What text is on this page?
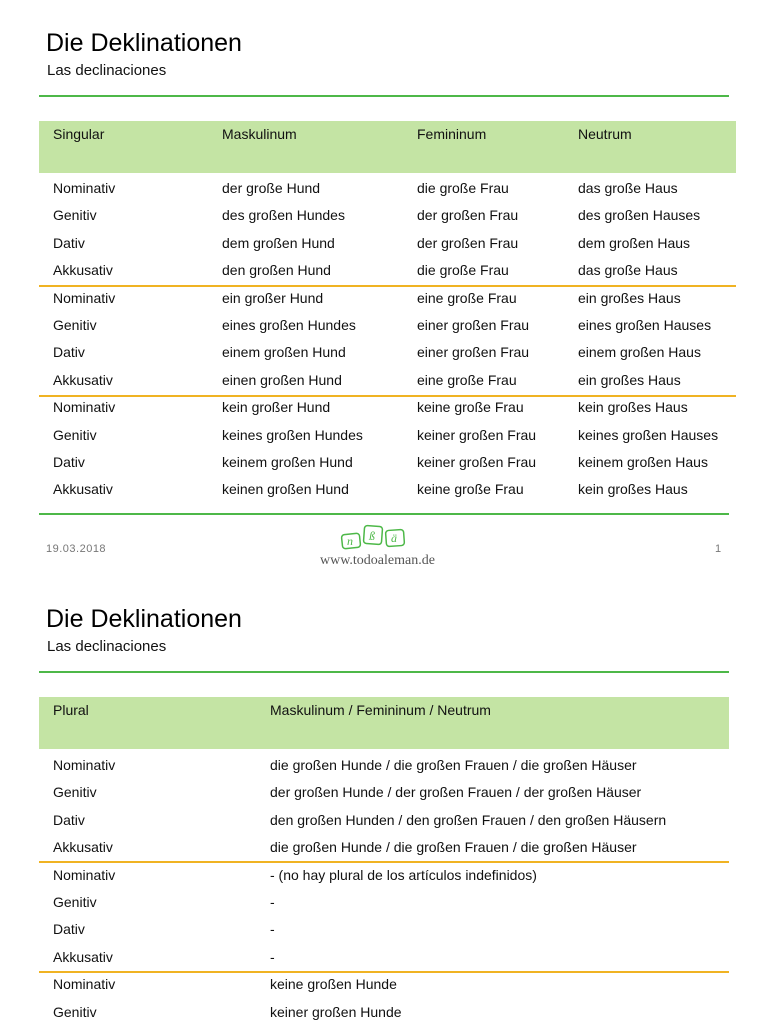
Die Deklinationen
Las declinaciones
Singular	Maskulinum	Femininum	Neutrum
Nominativ	der große Hund	die große Frau	das große Haus
Genitiv	des großen Hundes	der großen Frau	des großen Hauses
Dativ	dem großen Hund	der großen Frau	dem großen Haus
Akkusativ	den großen Hund	die große Frau	das große Haus
Nominativ	ein großer Hund	eine große Frau	ein großes Haus
Genitiv	eines großen Hundes	einer großen Frau	eines großen Hauses
Dativ	einem großen Hund	einer großen Frau	einem großen Haus
Akkusativ	einen großen Hund	eine große Frau	ein großes Haus
Nominativ	kein großer Hund	keine große Frau	kein großes Haus
Genitiv	keines großen Hundes	keiner großen Frau	keines großen Hauses
Dativ	keinem großen Hund	keiner großen Frau	keinem großen Haus
Akkusativ	keinen großen Hund	keine große Frau	kein großes Haus
19.03.2018
n ß ä
www.todoaleman.de
1
Die Deklinationen
Las declinaciones
Plural	Maskulinum / Femininum / Neutrum
Nominativ	die großen Hunde / die großen Frauen / die großen Häuser
Genitiv	der großen Hunde / der großen Frauen / der großen Häuser
Dativ	den großen Hunden / den großen Frauen / den großen Häusern
Akkusativ	die großen Hunde / die großen Frauen / die großen Häuser
Nominativ	- (no hay plural de los artículos indefinidos)
Genitiv	-
Dativ	-
Akkusativ	-
Nominativ	keine großen Hunde
Genitiv	keiner großen Hunde
